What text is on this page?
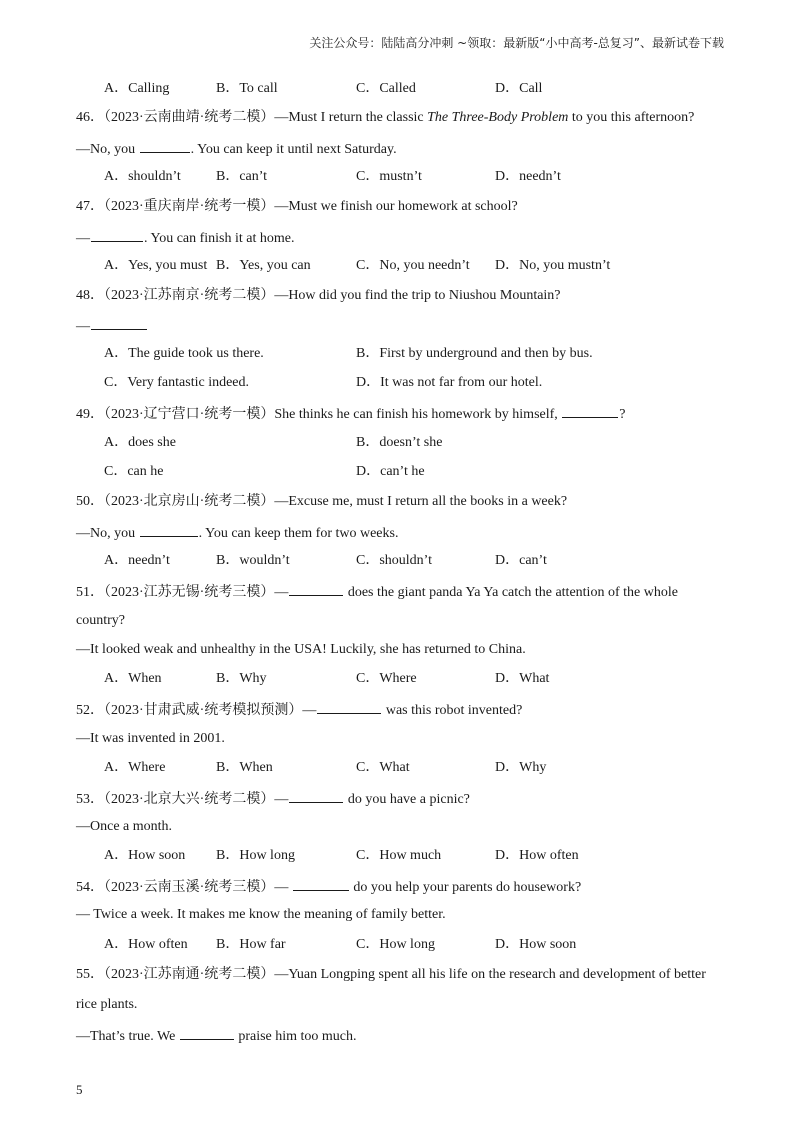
关注公众号：陆陆高分冲刺 ~领取：最新版“小中高考-总复习”、最新试卷下载
A．Calling	B．To call	C．Called	D．Call
46．（2023·云南曲靖·统考二模）—Must I return the classic The Three-Body Problem to you this afternoon?
—No, you	. You can keep it until next Saturday.
A．shouldn’t	B．can’t	C．mustn’t	D．needn’t
47．（2023·重庆南岸·统考一模）—Must we finish our homework at school?
—	. You can finish it at home.
A．Yes, you must B．Yes, you can	C．No, you needn’t D．No, you mustn’t
48．（2023·江苏南京·统考二模）—How did you find the trip to Niushou Mountain?
—
A．The guide took us there.	B．First by underground and then by bus.
C．Very fantastic indeed.	D．It was not far from our hotel.
49．（2023·辽宁营口·统考一模）She thinks he can finish his homework by himself,	?
A．does she	B．doesn’t she
C．can he	D．can’t he
50．（2023·北京房山·统考二模）—Excuse me, must I return all the books in a week?
—No, you	. You can keep them for two weeks.
A．needn’t	B．wouldn’t	C．shouldn’t	D．can’t
51．（2023·江苏无锡·统考三模）—	does the giant panda Ya Ya catch the attention of the whole
country?
—It looked weak and unhealthy in the USA! Luckily, she has returned to China.
A．When	B．Why	C．Where	D．What
52．（2023·甘肃武威·统考模拟预测）—	was this robot invented?
—It was invented in 2001.
A．Where	B．When	C．What	D．Why
53．（2023·北京大兴·统考二模）—	do you have a picnic?
—Once a month.
A．How soon B．How long	C．How much	D．How often
54．（2023·云南玉溪·统考三模）—	do you help your parents do housework?
— Twice a week. It makes me know the meaning of family better.
A．How often B．How far	C．How long	D．How soon
55．（2023·江苏南通·统考二模）—Yuan Longping spent all his life on the research and development of better
rice plants.
—That’s true. We	praise him too much.
5
